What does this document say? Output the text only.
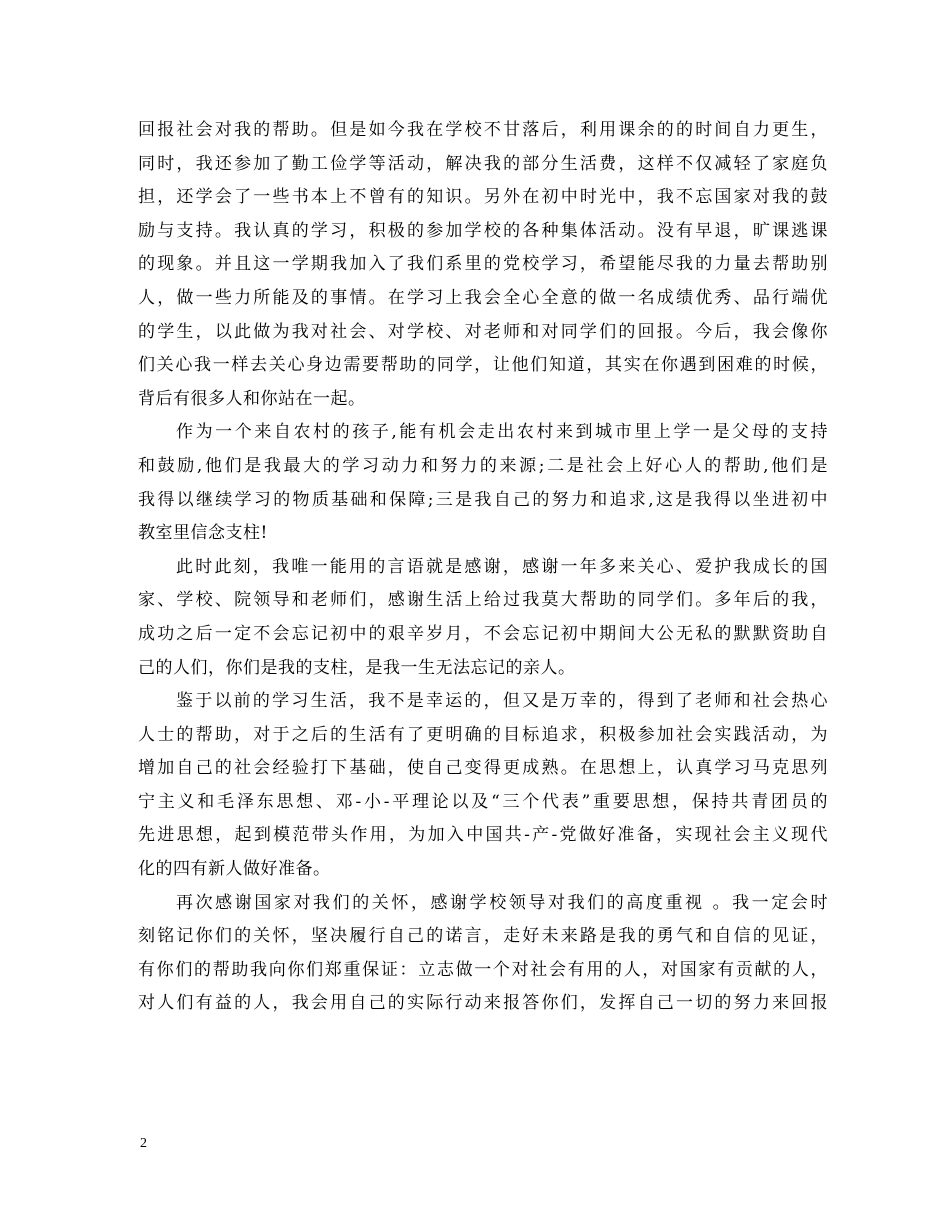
回报社会对我的帮助。但是如今我在学校不甘落后，利用课余的的时间自力更生，
同时，我还参加了勤工俭学等活动，解决我的部分生活费，这样不仅减轻了家庭负
担，还学会了一些书本上不曾有的知识。另外在初中时光中，我不忘国家对我的鼓
励与支持。我认真的学习，积极的参加学校的各种集体活动。没有早退，旷课逃课
的现象。并且这一学期我加入了我们系里的党校学习，希望能尽我的力量去帮助别
人，做一些力所能及的事情。在学习上我会全心全意的做一名成绩优秀、品行端优
的学生，以此做为我对社会、对学校、对老师和对同学们的回报。今后，我会像你
们关心我一样去关心身边需要帮助的同学，让他们知道，其实在你遇到困难的时候，
背后有很多人和你站在一起。
作为一个来自农村的孩子,能有机会走出农村来到城市里上学一是父母的支持
和鼓励,他们是我最大的学习动力和努力的来源;二是社会上好心人的帮助,他们是
我得以继续学习的物质基础和保障;三是我自己的努力和追求,这是我得以坐进初中
教室里信念支柱!
此时此刻，我唯一能用的言语就是感谢，感谢一年多来关心、爱护我成长的国
家、学校、院领导和老师们，感谢生活上给过我莫大帮助的同学们。多年后的我，
成功之后一定不会忘记初中的艰辛岁月，不会忘记初中期间大公无私的默默资助自
己的人们，你们是我的支柱，是我一生无法忘记的亲人。
鉴于以前的学习生活，我不是幸运的，但又是万幸的，得到了老师和社会热心
人士的帮助，对于之后的生活有了更明确的目标追求，积极参加社会实践活动，为
增加自己的社会经验打下基础，使自己变得更成熟。在思想上，认真学习马克思列
宁主义和毛泽东思想、邓-小-平理论以及“三个代表”重要思想，保持共青团员的
先进思想，起到模范带头作用，为加入中国共-产-党做好准备，实现社会主义现代
化的四有新人做好准备。
再次感谢国家对我们的关怀，感谢学校领导对我们的高度重视 。我一定会时
刻铭记你们的关怀，坚决履行自己的诺言，走好未来路是我的勇气和自信的见证，
有你们的帮助我向你们郑重保证：立志做一个对社会有用的人，对国家有贡献的人，
对人们有益的人，我会用自己的实际行动来报答你们，发挥自己一切的努力来回报
2
